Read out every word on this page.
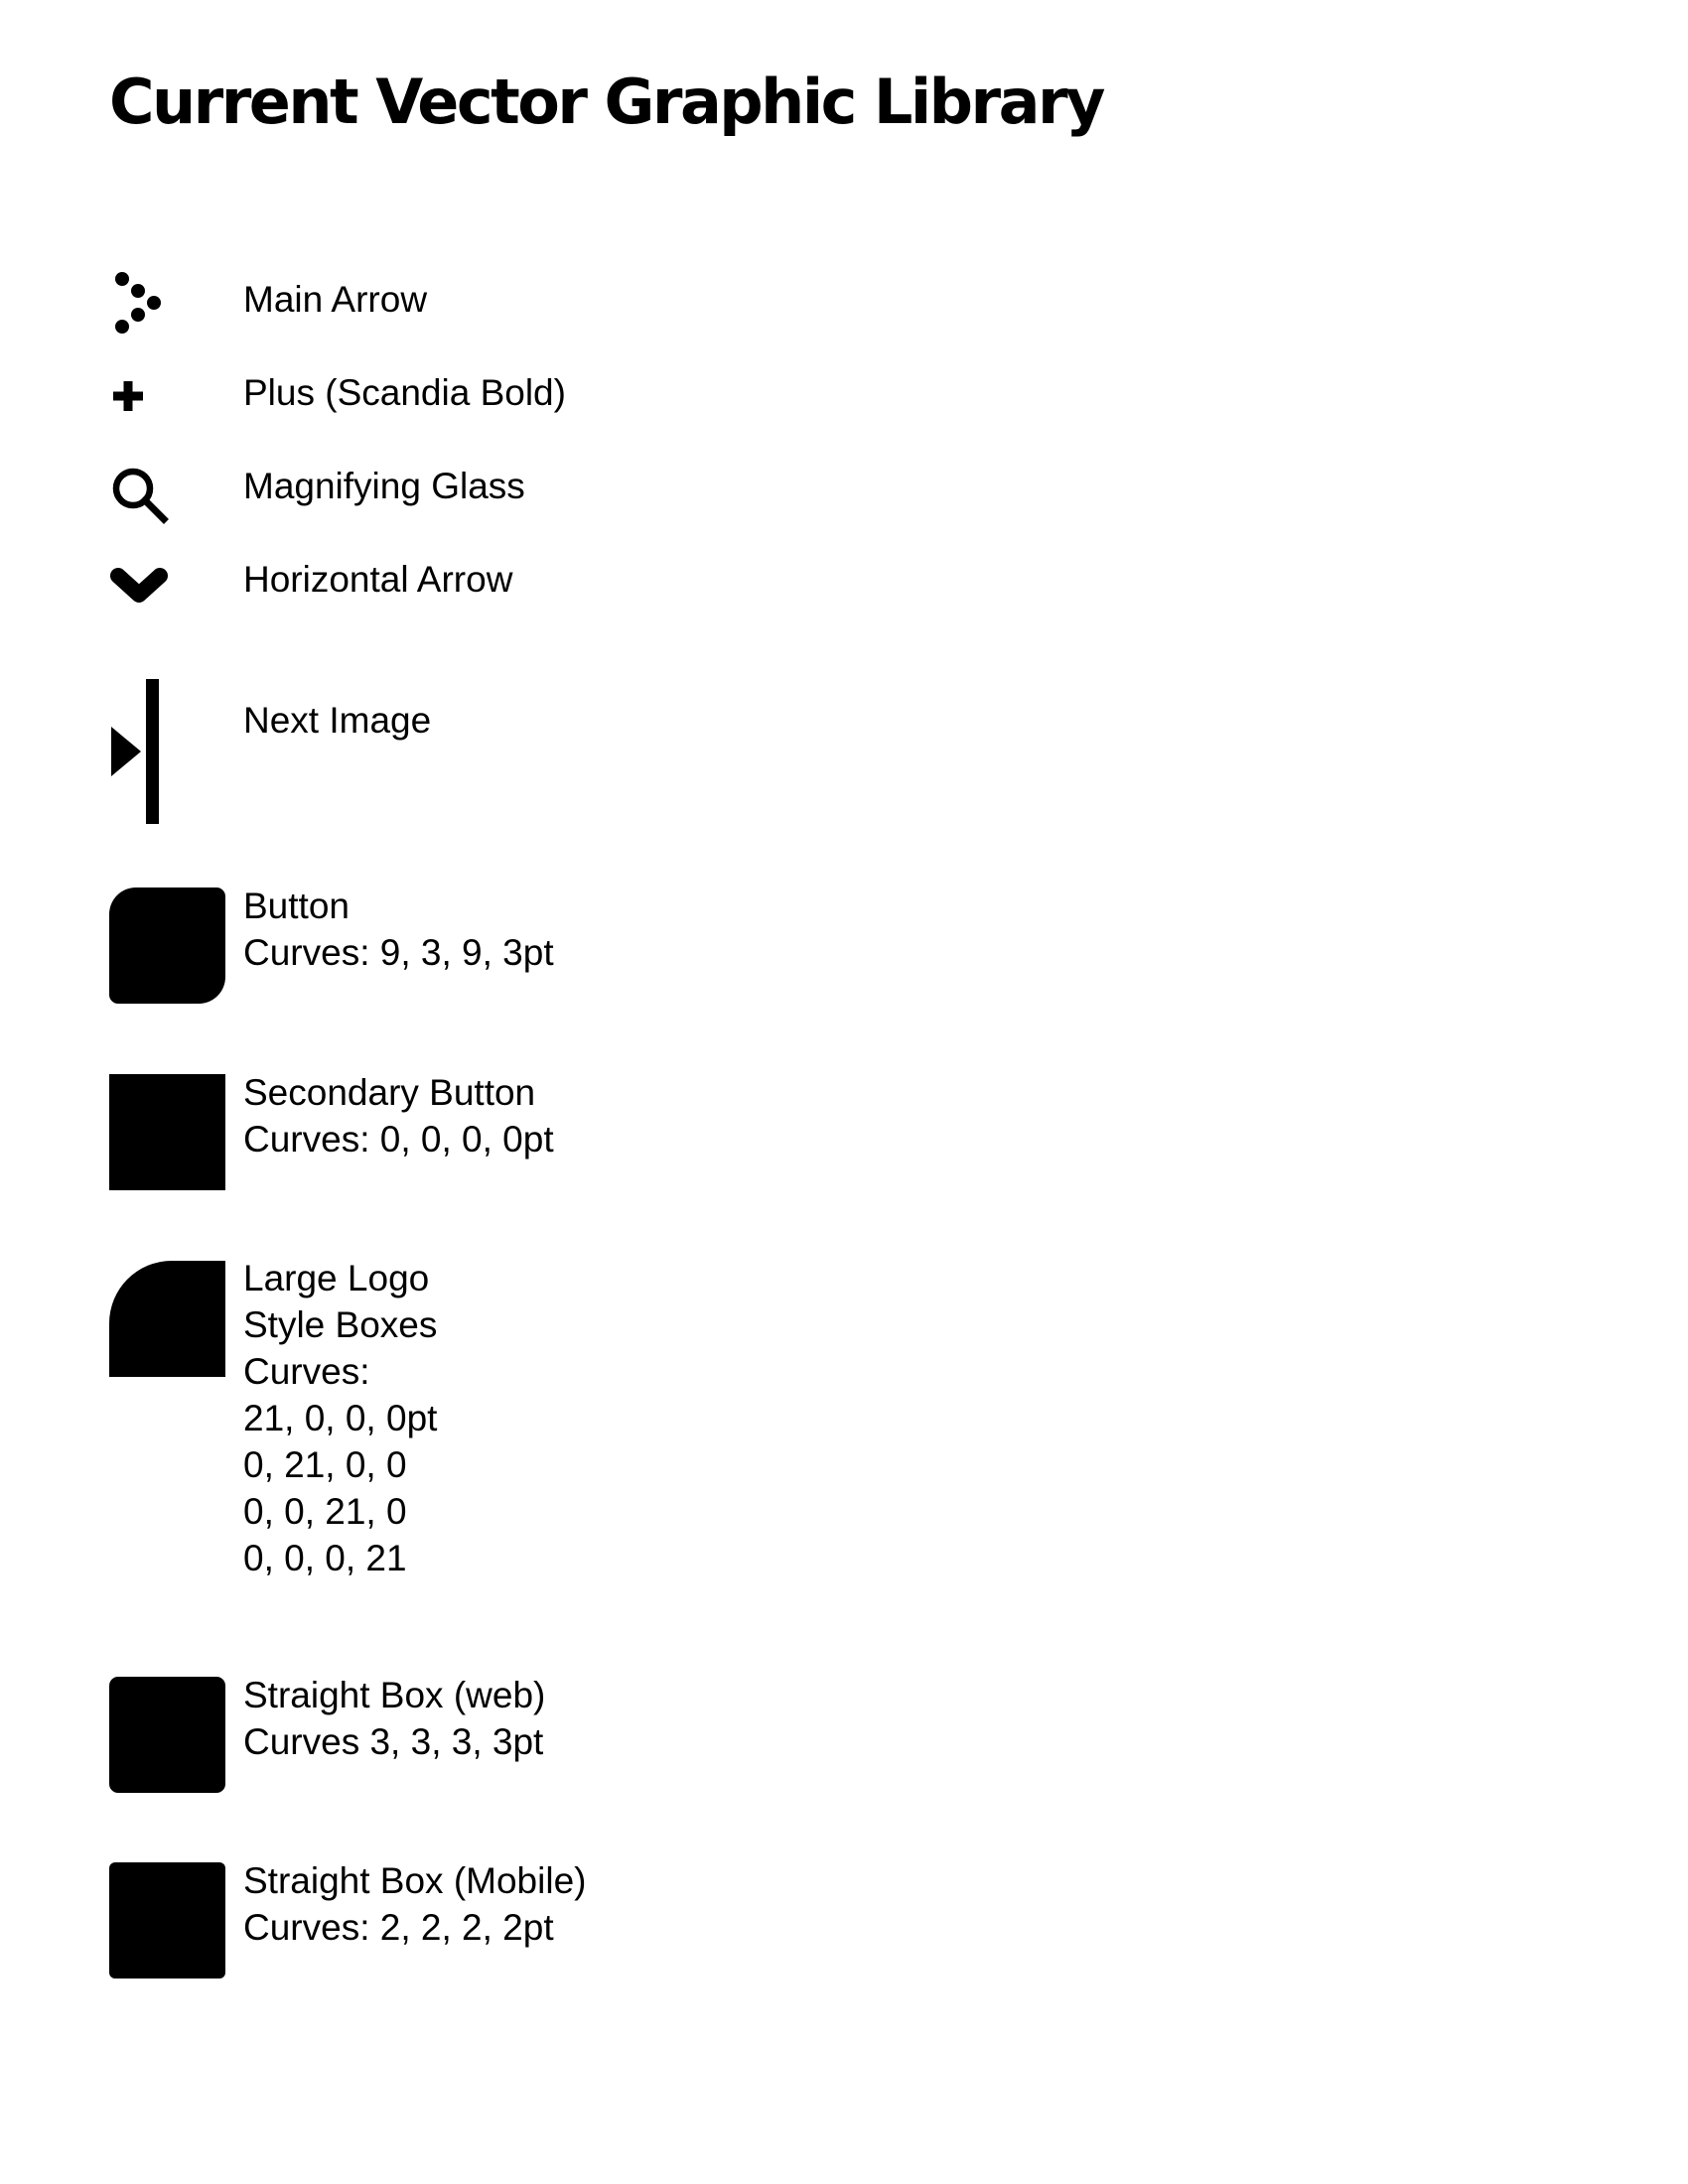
Current Vector Graphic Library
Main Arrow
Plus (Scandia Bold)
Magnifying Glass
Horizontal Arrow
Next Image
Button
Curves: 9, 3, 9, 3pt
Secondary Button
Curves: 0, 0, 0, 0pt
Large Logo
Style Boxes
Curves:
21, 0, 0, 0pt
0, 21, 0, 0
0, 0, 21, 0
0, 0, 0, 21
Straight Box (web)
Curves 3, 3, 3, 3pt
Straight Box (Mobile)
Curves: 2, 2, 2, 2pt
